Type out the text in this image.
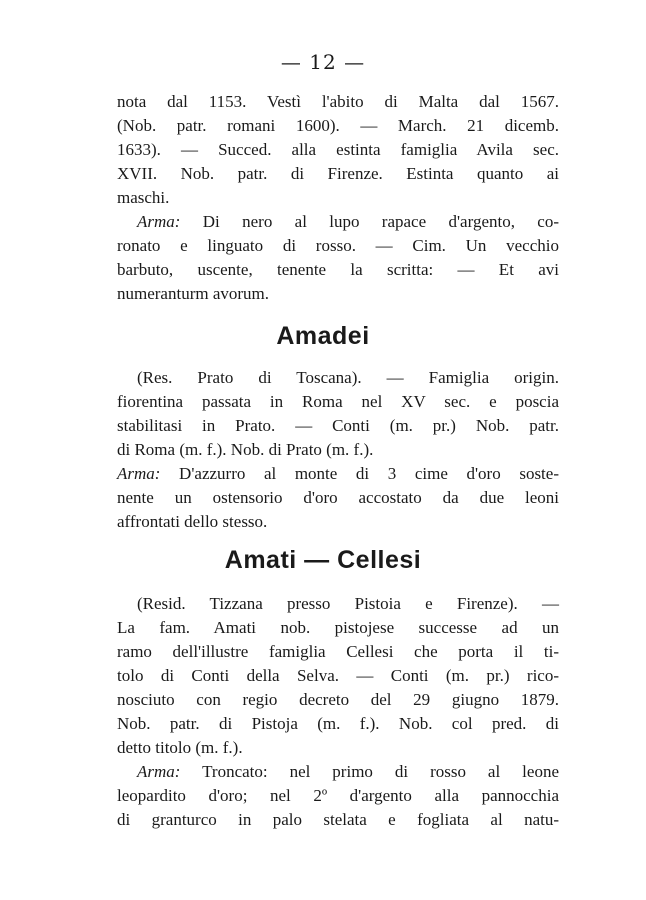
— 12 —
nota dal 1153. Vestì l'abito di Malta dal 1567.
(Nob. patr. romani 1600). — March. 21 dicemb.
1633). — Succed. alla estinta famiglia Avila sec.
XVII. Nob. patr. di Firenze. Estinta quanto ai
maschi.
Arma: Di nero al lupo rapace d'argento, co-
ronato e linguato di rosso. — Cim. Un vecchio
barbuto, uscente, tenente la scritta: — Et avi
numeranturm avorum.
Amadei
(Res. Prato di Toscana). — Famiglia origin.
fiorentina passata in Roma nel XV sec. e poscia
stabilitasi in Prato. — Conti (m. pr.) Nob. patr.
di Roma (m. f.). Nob. di Prato (m. f.).
Arma: D'azzurro al monte di 3 cime d'oro soste-
nente un ostensorio d'oro accostato da due leoni
affrontati dello stesso.
Amati — Cellesi
(Resid. Tizzana presso Pistoia e Firenze). —
La fam. Amati nob. pistojese successe ad un
ramo dell'illustre famiglia Cellesi che porta il ti-
tolo di Conti della Selva. — Conti (m. pr.) rico-
nosciuto con regio decreto del 29 giugno 1879.
Nob. patr. di Pistoja (m. f.). Nob. col pred. di
detto titolo (m. f.).
Arma: Troncato: nel primo di rosso al leone
leopardito d'oro; nel 2º d'argento alla pannocchia
di granturco in palo stelata e fogliata al natu-
